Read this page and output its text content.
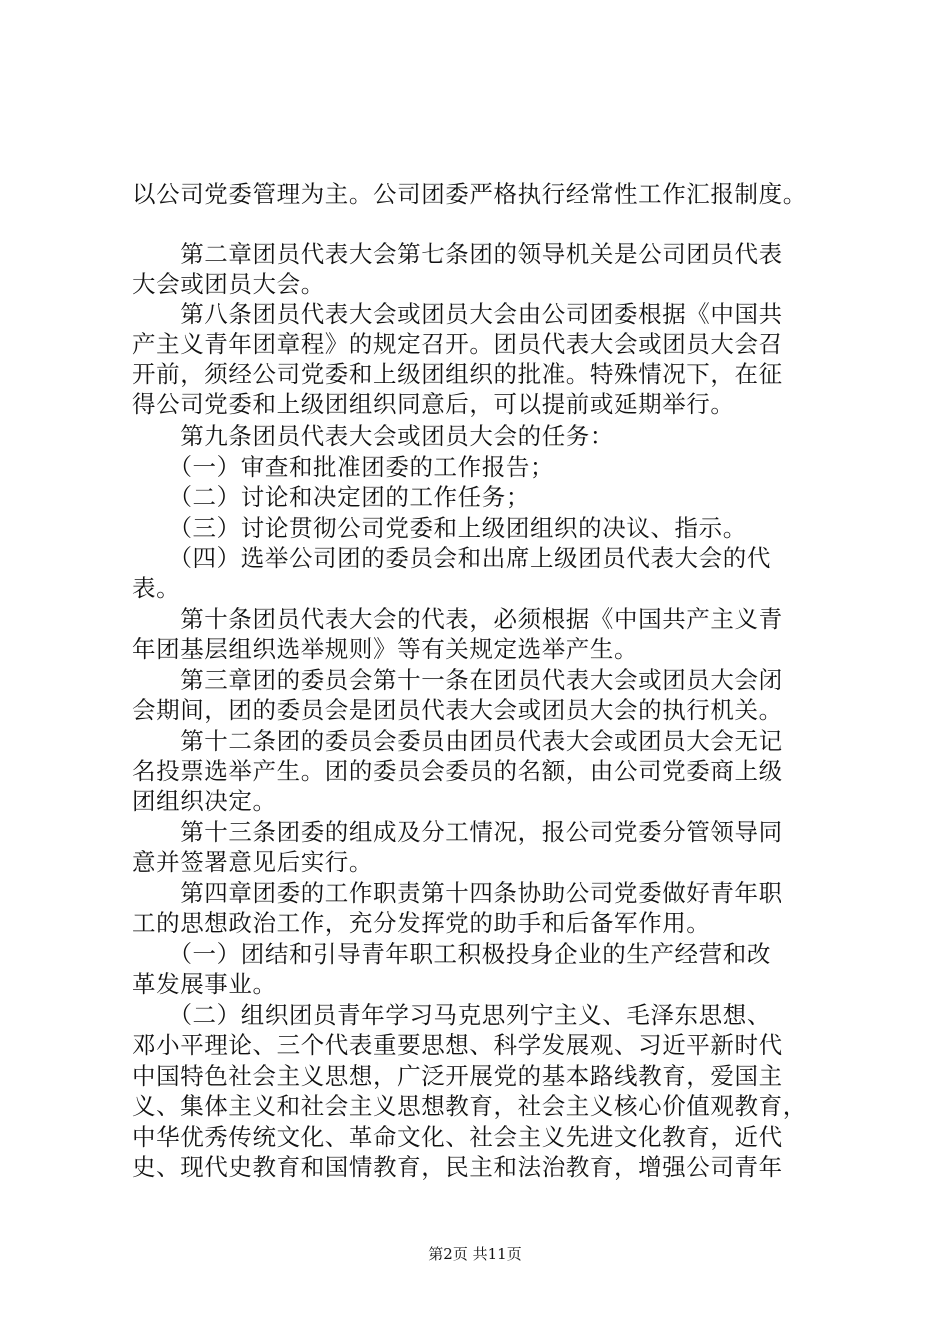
以公司党委管理为主。公司团委严格执行经常性工作汇报制度。
　　第二章团员代表大会第七条团的领导机关是公司团员代表
大会或团员大会。
　　第八条团员代表大会或团员大会由公司团委根据《中国共
产主义青年团章程》的规定召开。团员代表大会或团员大会召
开前，须经公司党委和上级团组织的批准。特殊情况下，在征
得公司党委和上级团组织同意后，可以提前或延期举行。
　　第九条团员代表大会或团员大会的任务：
　　（一）审查和批准团委的工作报告；
　　（二）讨论和决定团的工作任务；
　　（三）讨论贯彻公司党委和上级团组织的决议、指示。
　　（四）选举公司团的委员会和出席上级团员代表大会的代
表。
　　第十条团员代表大会的代表，必须根据《中国共产主义青
年团基层组织选举规则》等有关规定选举产生。
　　第三章团的委员会第十一条在团员代表大会或团员大会闭
会期间，团的委员会是团员代表大会或团员大会的执行机关。
　　第十二条团的委员会委员由团员代表大会或团员大会无记
名投票选举产生。团的委员会委员的名额，由公司党委商上级
团组织决定。
　　第十三条团委的组成及分工情况，报公司党委分管领导同
意并签署意见后实行。
　　第四章团委的工作职责第十四条协助公司党委做好青年职
工的思想政治工作，充分发挥党的助手和后备军作用。
　　（一）团结和引导青年职工积极投身企业的生产经营和改
革发展事业。
　　（二）组织团员青年学习马克思列宁主义、毛泽东思想、
邓小平理论、三个代表重要思想、科学发展观、习近平新时代
中国特色社会主义思想，广泛开展党的基本路线教育，爱国主
义、集体主义和社会主义思想教育，社会主义核心价值观教育，
中华优秀传统文化、革命文化、社会主义先进文化教育，近代
史、现代史教育和国情教育，民主和法治教育，增强公司青年
第2页 共11页
